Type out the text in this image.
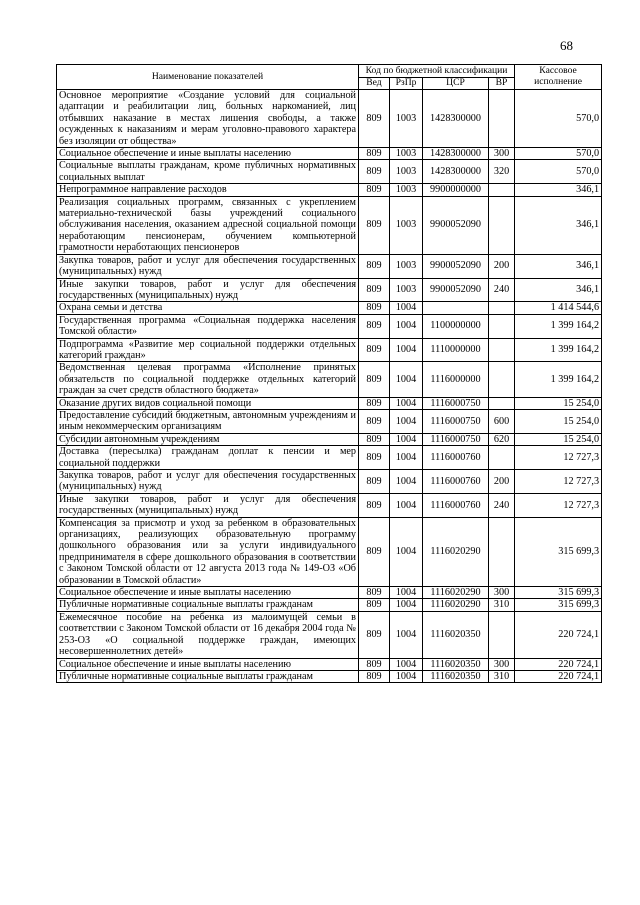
68
Наименование показателей	Код по бюджетной классификации				Кассовое исполнение
	Вед	РзПр	ЦСР	ВР	
Основное мероприятие «Создание условий для социальной адаптации и реабилитации лиц, больных наркоманией, лиц отбывших наказание в местах лишения свободы, а также осужденных к наказаниям и мерам уголовно-правового характера без изоляции от общества»	809	1003	1428300000		570,0
Социальное обеспечение и иные выплаты населению	809	1003	1428300000	300	570,0
Социальные выплаты гражданам, кроме публичных нормативных социальных выплат	809	1003	1428300000	320	570,0
Непрограммное направление расходов	809	1003	9900000000		346,1
Реализация социальных программ, связанных с укреплением материально-технической базы учреждений социального обслуживания населения, оказанием адресной социальной помощи неработающим пенсионерам, обучением компьютерной грамотности неработающих пенсионеров	809	1003	9900052090		346,1
Закупка товаров, работ и услуг для обеспечения государственных (муниципальных) нужд	809	1003	9900052090	200	346,1
Иные закупки товаров, работ и услуг для обеспечения государственных (муниципальных) нужд	809	1003	9900052090	240	346,1
Охрана семьи и детства	809	1004			1 414 544,6
Государственная программа «Социальная поддержка населения Томской области»	809	1004	1100000000		1 399 164,2
Подпрограмма «Развитие мер социальной поддержки отдельных категорий граждан»	809	1004	1110000000		1 399 164,2
Ведомственная целевая программа «Исполнение принятых обязательств по социальной поддержке отдельных категорий граждан за счет средств областного бюджета»	809	1004	1116000000		1 399 164,2
Оказание других видов социальной помощи	809	1004	1116000750		15 254,0
Предоставление субсидий бюджетным, автономным учреждениям и иным некоммерческим организациям	809	1004	1116000750	600	15 254,0
Субсидии автономным учреждениям	809	1004	1116000750	620	15 254,0
Доставка (пересылка) гражданам доплат к пенсии и мер социальной поддержки	809	1004	1116000760		12 727,3
Закупка товаров, работ и услуг для обеспечения государственных (муниципальных) нужд	809	1004	1116000760	200	12 727,3
Иные закупки товаров, работ и услуг для обеспечения государственных (муниципальных) нужд	809	1004	1116000760	240	12 727,3
Компенсация за присмотр и уход за ребенком в образовательных организациях, реализующих образовательную программу дошкольного образования или за услуги индивидуального предпринимателя в сфере дошкольного образования в соответствии с Законом Томской области от 12 августа 2013 года № 149-ОЗ «Об образовании в Томской области»	809	1004	1116020290		315 699,3
Социальное обеспечение и иные выплаты населению	809	1004	1116020290	300	315 699,3
Публичные нормативные социальные выплаты гражданам	809	1004	1116020290	310	315 699,3
Ежемесячное пособие на ребенка из малоимущей семьи в соответствии с Законом Томской области от 16 декабря 2004 года № 253-ОЗ «О социальной поддержке граждан, имеющих несовершеннолетних детей»	809	1004	1116020350		220 724,1
Социальное обеспечение и иные выплаты населению	809	1004	1116020350	300	220 724,1
Публичные нормативные социальные выплаты гражданам	809	1004	1116020350	310	220 724,1
